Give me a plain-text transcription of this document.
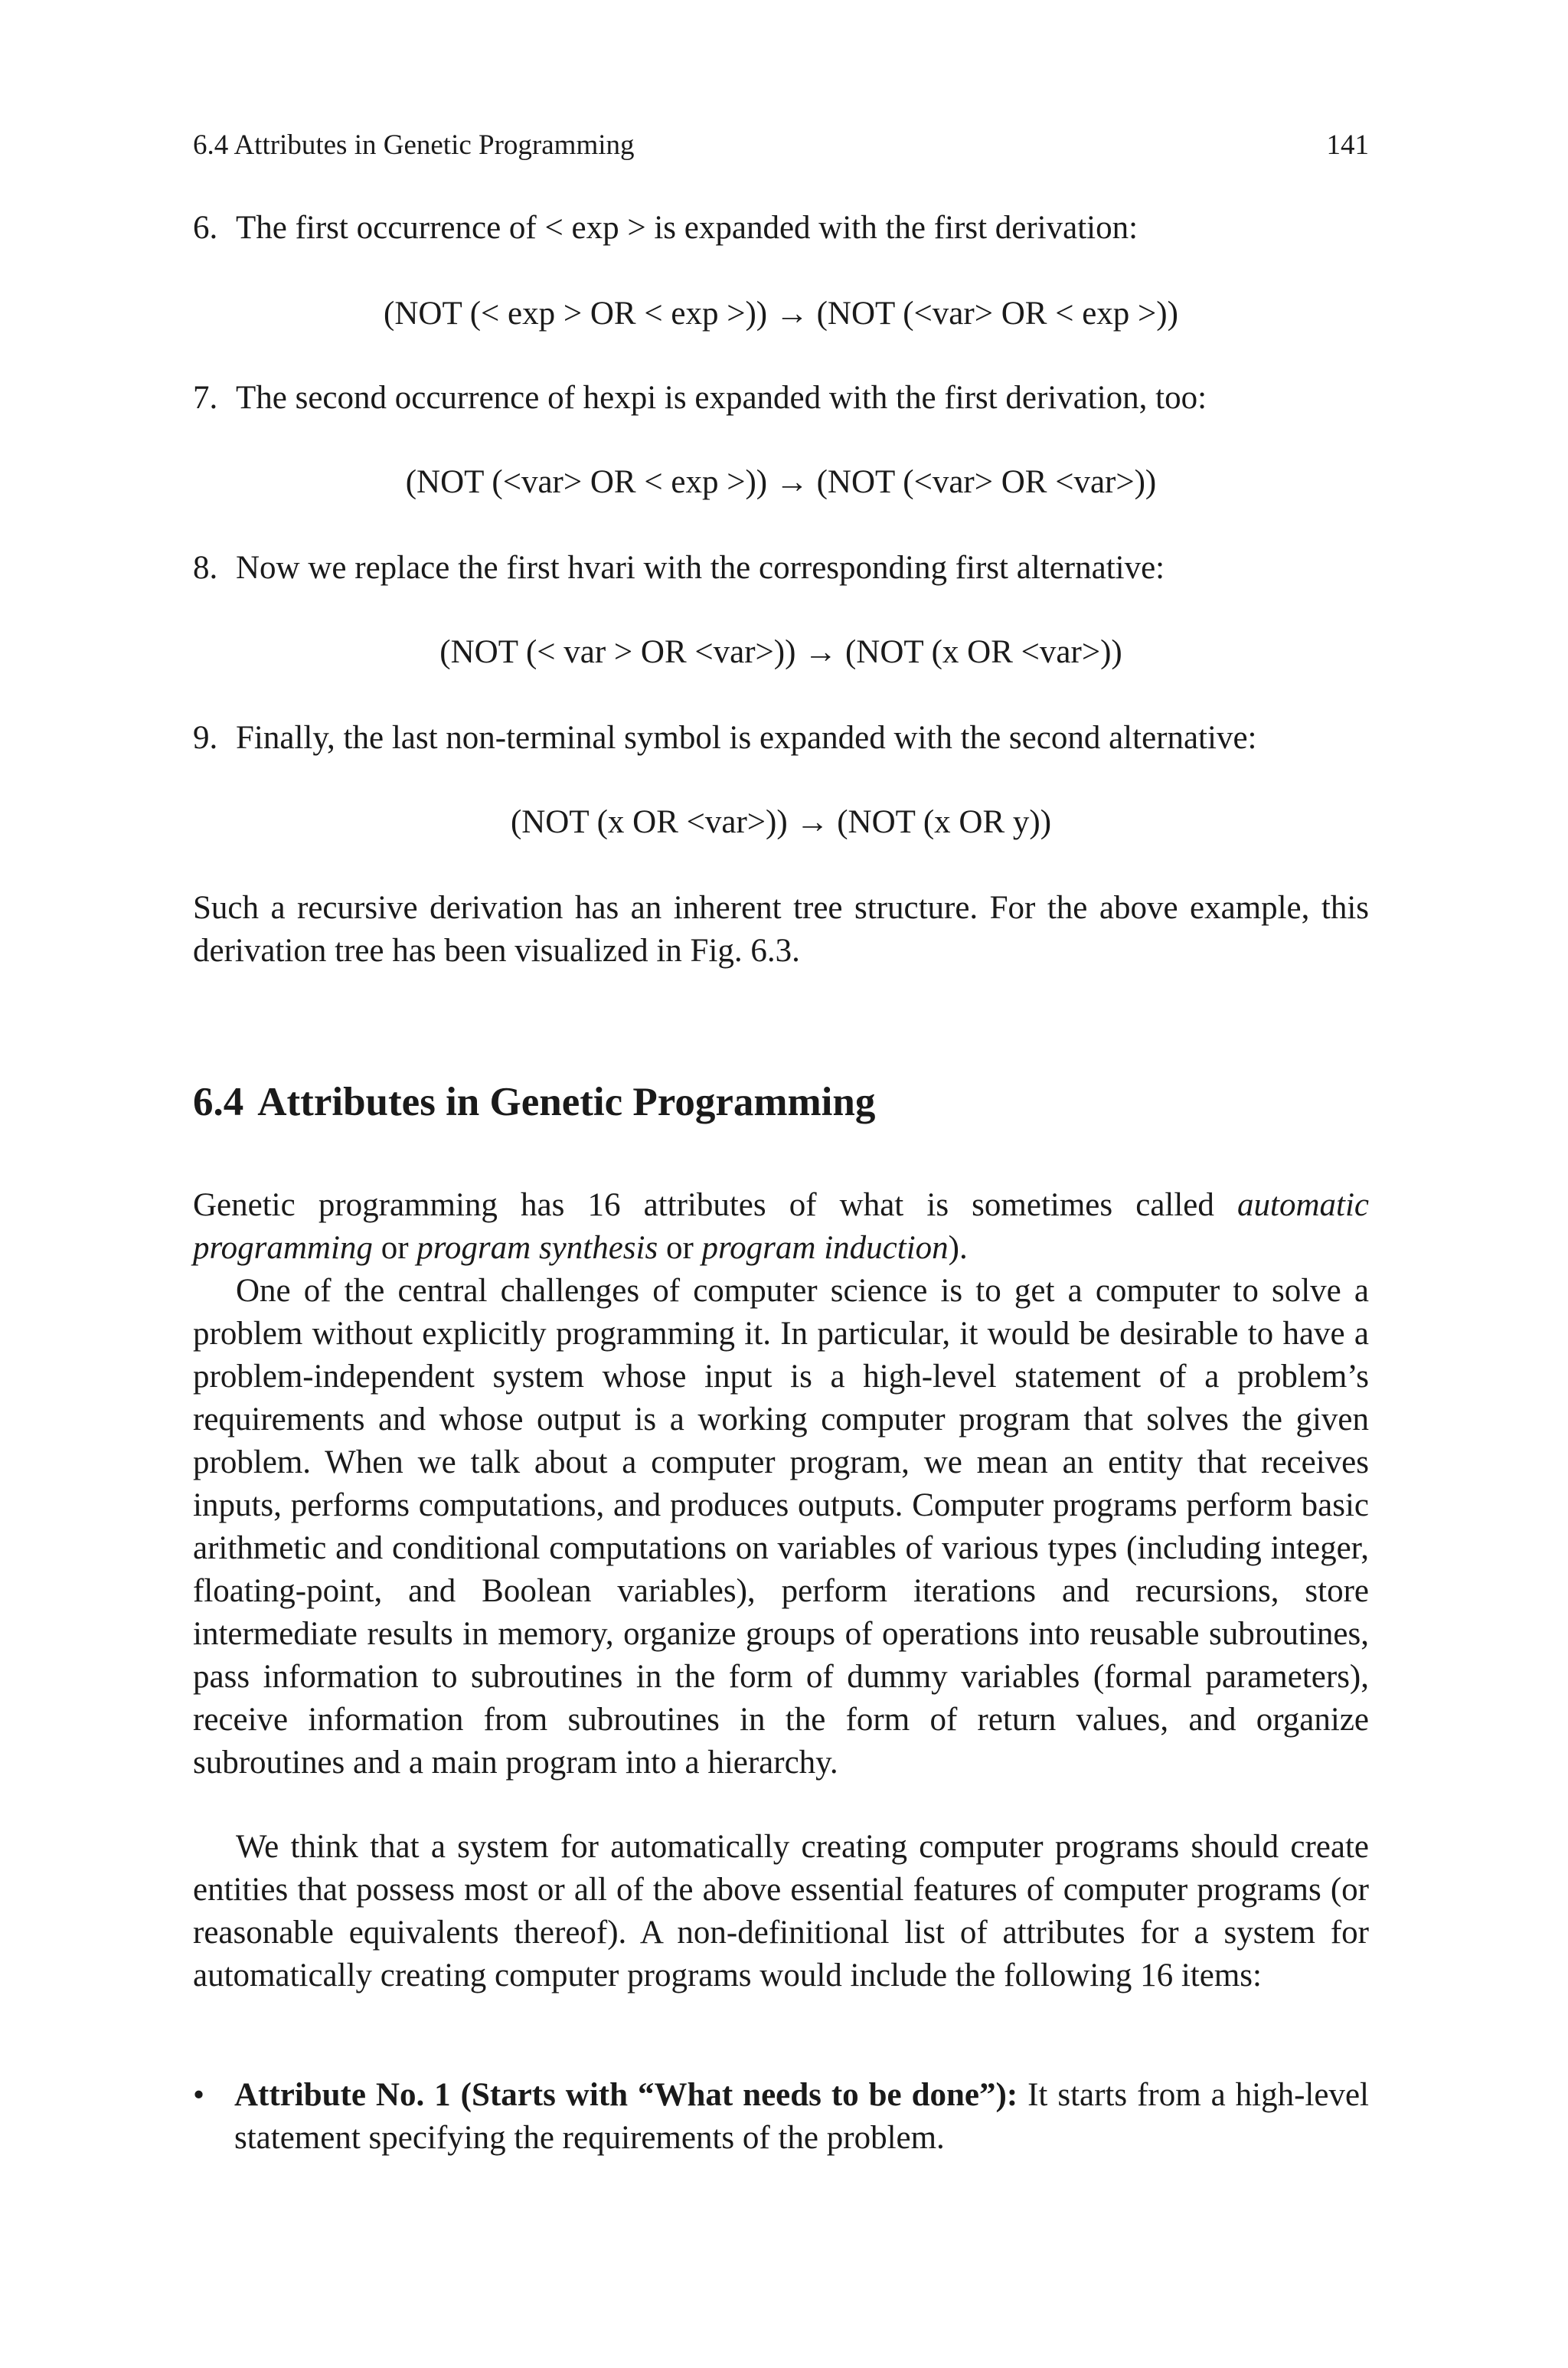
6.4 Attributes in Genetic Programming	141
6. The first occurrence of < exp > is expanded with the first derivation:
(NOT (< exp > OR < exp >)) → (NOT (<var> OR < exp >))
7. The second occurrence of hexpi is expanded with the first derivation, too:
(NOT (<var> OR < exp >)) → (NOT (<var> OR <var>))
8. Now we replace the first hvari with the corresponding first alternative:
(NOT (< var > OR <var>)) → (NOT (x OR <var>))
9. Finally, the last non-terminal symbol is expanded with the second alternative:
(NOT (x OR <var>)) → (NOT (x OR y))
Such a recursive derivation has an inherent tree structure. For the above example, this derivation tree has been visualized in Fig. 6.3.
6.4 Attributes in Genetic Programming
Genetic programming has 16 attributes of what is sometimes called automatic programming or program synthesis or program induction).
One of the central challenges of computer science is to get a computer to solve a problem without explicitly programming it. In particular, it would be desirable to have a problem-independent system whose input is a high-level statement of a problem’s requirements and whose output is a working computer program that solves the given problem. When we talk about a computer program, we mean an entity that receives inputs, performs computations, and produces outputs. Computer programs perform basic arithmetic and conditional computations on variables of various types (including integer, floating-point, and Boolean variables), perform iterations and recursions, store intermediate results in memory, organize groups of operations into reusable subroutines, pass information to subroutines in the form of dummy variables (formal parameters), receive information from subroutines in the form of return values, and organize subroutines and a main program into a hierarchy.
We think that a system for automatically creating computer programs should create entities that possess most or all of the above essential features of computer programs (or reasonable equivalents thereof). A non-definitional list of attributes for a system for automatically creating computer programs would include the following 16 items:
• Attribute No. 1 (Starts with “What needs to be done”): It starts from a high-level statement specifying the requirements of the problem.
